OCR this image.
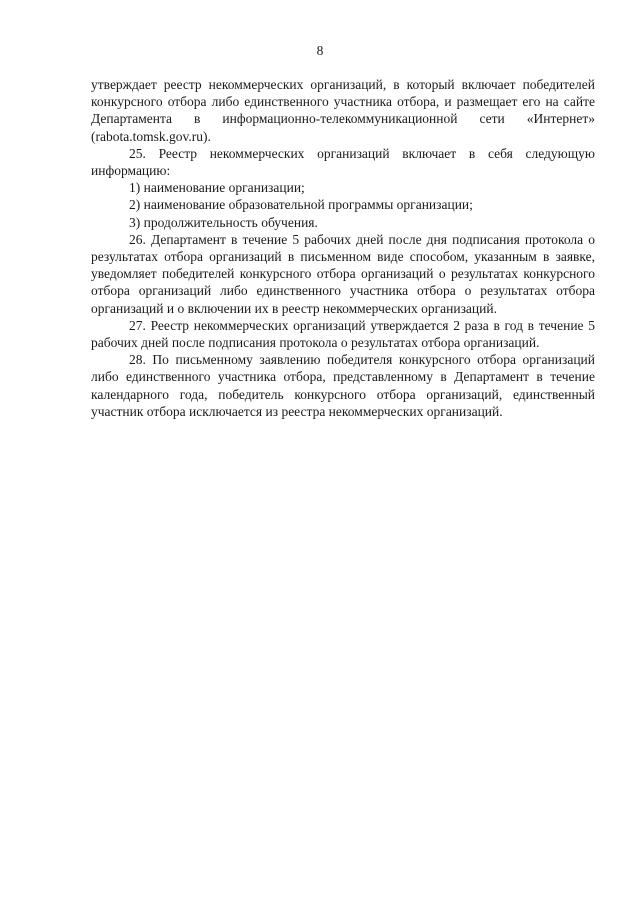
8

утверждает реестр некоммерческих организаций, в который включает победителей конкурсного отбора либо единственного участника отбора, и размещает его на сайте Департамента в информационно-телекоммуникационной сети «Интернет» (rabota.tomsk.gov.ru).

25. Реестр некоммерческих организаций включает в себя следующую информацию:

1) наименование организации;

2) наименование образовательной программы организации;

3) продолжительность обучения.

26. Департамент в течение 5 рабочих дней после дня подписания протокола о результатах отбора организаций в письменном виде способом, указанным в заявке, уведомляет победителей конкурсного отбора организаций о результатах конкурсного отбора организаций либо единственного участника отбора о результатах отбора организаций и о включении их в реестр некоммерческих организаций.

27. Реестр некоммерческих организаций утверждается 2 раза в год в течение 5 рабочих дней после подписания протокола о результатах отбора организаций.

28. По письменному заявлению победителя конкурсного отбора организаций либо единственного участника отбора, представленному в Департамент в течение календарного года, победитель конкурсного отбора организаций, единственный участник отбора исключается из реестра некоммерческих организаций.
